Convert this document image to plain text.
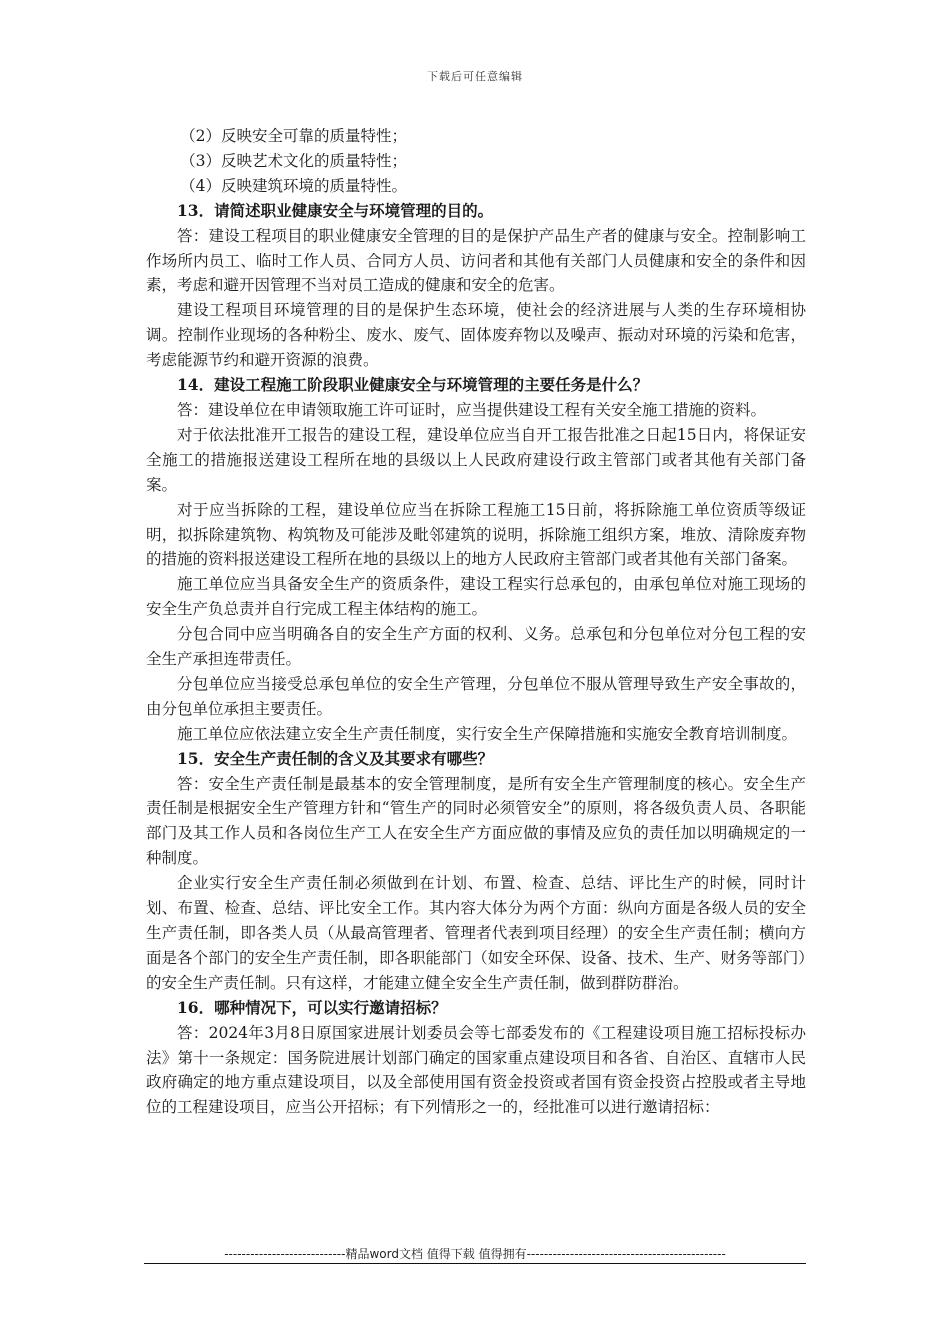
下载后可任意编辑

（2）反映安全可靠的质量特性；

（3）反映艺术文化的质量特性；

（4）反映建筑环境的质量特性。

13．请简述职业健康安全与环境管理的目的。

答：建设工程项目的职业健康安全管理的目的是保护产品生产者的健康与安全。控制影响工作场所内员工、临时工作人员、合同方人员、访问者和其他有关部门人员健康和安全的条件和因素，考虑和避开因管理不当对员工造成的健康和安全的危害。

建设工程项目环境管理的目的是保护生态环境，使社会的经济进展与人类的生存环境相协调。控制作业现场的各种粉尘、废水、废气、固体废弃物以及噪声、振动对环境的污染和危害，考虑能源节约和避开资源的浪费。

14．建设工程施工阶段职业健康安全与环境管理的主要任务是什么？

答：建设单位在申请领取施工许可证时，应当提供建设工程有关安全施工措施的资料。

对于依法批准开工报告的建设工程，建设单位应当自开工报告批准之日起15日内，将保证安全施工的措施报送建设工程所在地的县级以上人民政府建设行政主管部门或者其他有关部门备案。

对于应当拆除的工程，建设单位应当在拆除工程施工15日前，将拆除施工单位资质等级证明，拟拆除建筑物、构筑物及可能涉及毗邻建筑的说明，拆除施工组织方案，堆放、清除废弃物的措施的资料报送建设工程所在地的县级以上的地方人民政府主管部门或者其他有关部门备案。

施工单位应当具备安全生产的资质条件，建设工程实行总承包的，由承包单位对施工现场的安全生产负总责并自行完成工程主体结构的施工。

分包合同中应当明确各自的安全生产方面的权利、义务。总承包和分包单位对分包工程的安全生产承担连带责任。

分包单位应当接受总承包单位的安全生产管理，分包单位不服从管理导致生产安全事故的，由分包单位承担主要责任。

施工单位应依法建立安全生产责任制度，实行安全生产保障措施和实施安全教育培训制度。

15．安全生产责任制的含义及其要求有哪些？

答：安全生产责任制是最基本的安全管理制度，是所有安全生产管理制度的核心。安全生产责任制是根据安全生产管理方针和“管生产的同时必须管安全”的原则，将各级负责人员、各职能部门及其工作人员和各岗位生产工人在安全生产方面应做的事情及应负的责任加以明确规定的一种制度。

企业实行安全生产责任制必须做到在计划、布置、检查、总结、评比生产的时候，同时计划、布置、检查、总结、评比安全工作。其内容大体分为两个方面：纵向方面是各级人员的安全生产责任制，即各类人员（从最高管理者、管理者代表到项目经理）的安全生产责任制；横向方面是各个部门的安全生产责任制，即各职能部门（如安全环保、设备、技术、生产、财务等部门）的安全生产责任制。只有这样，才能建立健全安全生产责任制，做到群防群治。

16．哪种情况下，可以实行邀请招标？

答：2024年3月8日原国家进展计划委员会等七部委发布的《工程建设项目施工招标投标办法》第十一条规定：国务院进展计划部门确定的国家重点建设项目和各省、自治区、直辖市人民政府确定的地方重点建设项目，以及全部使用国有资金投资或者国有资金投资占控股或者主导地位的工程建设项目，应当公开招标；有下列情形之一的，经批准可以进行邀请招标：

----------------------------精品word文档 值得下载 值得拥有----------------------------------------------
